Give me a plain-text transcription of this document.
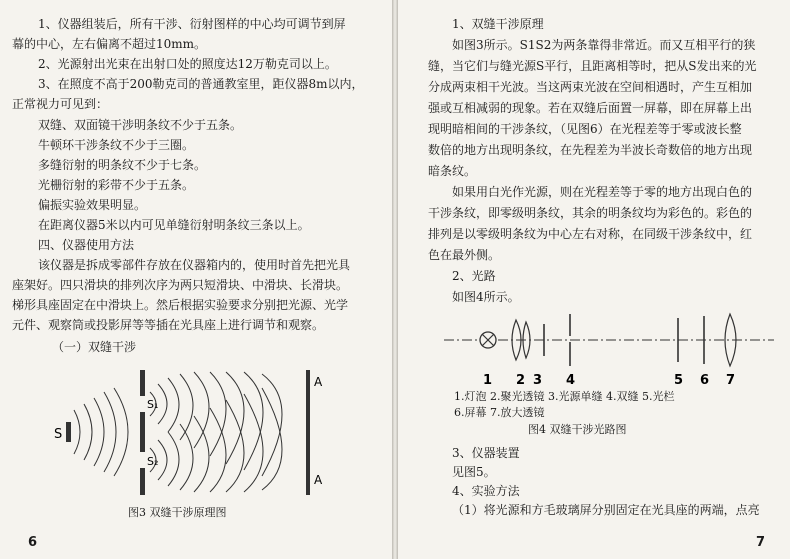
1、仪器组装后，所有干涉、衍射图样的中心均可调节到屏
幕的中心，左右偏离不超过10mm。
2、光源射出光束在出射口处的照度达12万勒克司以上。
3、在照度不高于200勒克司的普通教室里，距仪器8m以内，
正常视力可见到：
双缝、双面镜干涉明条纹不少于五条。
牛顿环干涉条纹不少于三圈。
多缝衍射的明条纹不少于七条。
光栅衍射的彩带不少于五条。
偏振实验效果明显。
在距离仪器5米以内可见单缝衍射明条纹三条以上。
四、仪器使用方法
该仪器是拆成零部件存放在仪器箱内的，使用时首先把光具
座架好。四只滑块的排列次序为两只短滑块、中滑块、长滑块。
梯形具座固定在中滑块上。然后根据实验要求分别把光源、光学
元件、观察筒或投影屏等等插在光具座上进行调节和观察。
（一）双缝干涉
S
S₁
S₂
A
A
图3 双缝干涉原理图
6
1、双缝干涉原理
如图3所示。S1S2为两条靠得非常近。而又互相平行的狭
缝，当它们与缝光源S平行，且距离相等时，把从S发出来的光
分成两束相干光波。当这两束光波在空间相遇时，产生互相加
强或互相减弱的现象。若在双缝后面置一屏幕，即在屏幕上出
现明暗相间的干涉条纹，（见图6）在光程差等于零或波长整
数倍的地方出现明条纹，在先程差为半波长奇数倍的地方出现
暗条纹。
如果用白光作光源，则在光程差等于零的地方出现白色的
干涉条纹，即零级明条纹，其余的明条纹均为彩色的。彩色的
排列是以零级明条纹为中心左右对称，在同级干涉条纹中，红
色在最外侧。
2、光路
如图4所示。
1 2 3 4	5 6 7
1.灯泡 2.聚光透镜 3.光源单缝 4.双缝 5.光栏
6.屏幕 7.放大透镜
图4 双缝干涉光路图
3、仪器装置
见图5。
4、实验方法
（1）将光源和方毛玻璃屏分别固定在光具座的两端，点亮
7
